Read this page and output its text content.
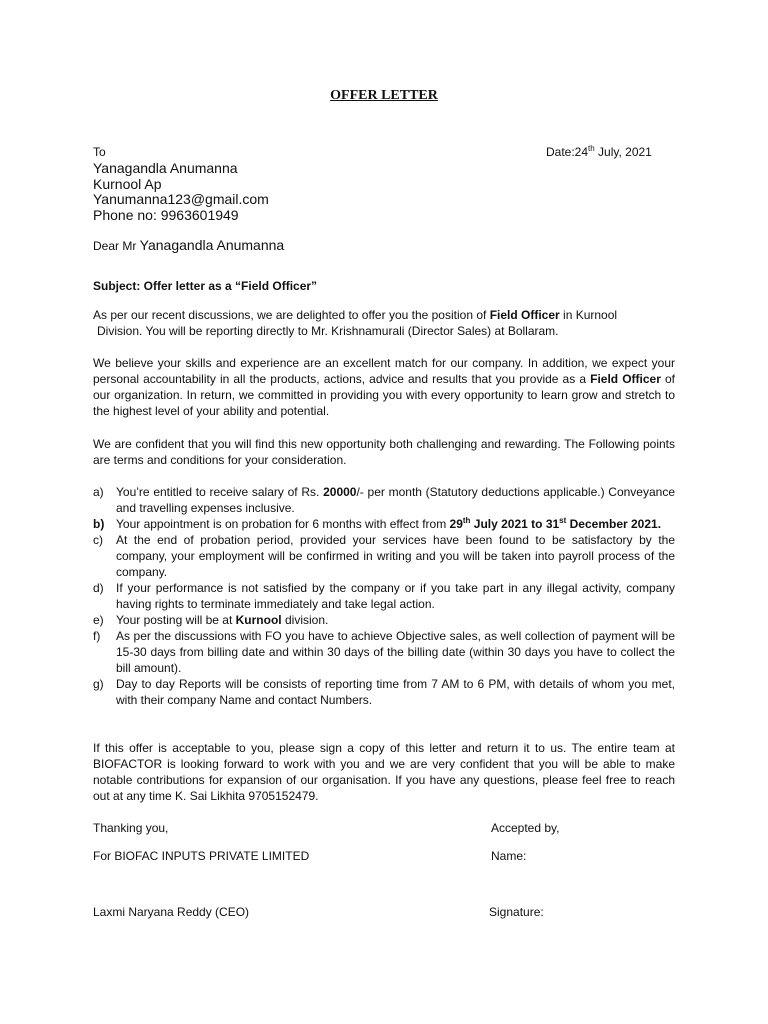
OFFER LETTER
To	Date:24th July, 2021
Yanagandla Anumanna
Kurnool Ap
Yanumanna123@gmail.com
Phone no: 9963601949
Dear Mr Yanagandla Anumanna
Subject: Offer letter as a “Field Officer”

As per our recent discussions, we are delighted to offer you the position of Field Officer in Kurnool
Division. You will be reporting directly to Mr. Krishnamurali (Director Sales) at Bollaram.

We believe your skills and experience are an excellent match for our company. In addition, we expect your personal accountability in all the products, actions, advice and results that you provide as a Field Officer of our organization. In return, we committed in providing you with every opportunity to learn grow and stretch to the highest level of your ability and potential.

We are confident that you will find this new opportunity both challenging and rewarding. The Following points are terms and conditions for your consideration.

a) You’re entitled to receive salary of Rs. 20000/- per month (Statutory deductions applicable.) Conveyance and travelling expenses inclusive.
b) Your appointment is on probation for 6 months with effect from 29th July 2021 to 31st December 2021.
c) At the end of probation period, provided your services have been found to be satisfactory by the company, your employment will be confirmed in writing and you will be taken into payroll process of the company.
d) If your performance is not satisfied by the company or if you take part in any illegal activity, company having rights to terminate immediately and take legal action.
e) Your posting will be at Kurnool division.
f) As per the discussions with FO you have to achieve Objective sales, as well collection of payment will be 15-30 days from billing date and within 30 days of the billing date (within 30 days you have to collect the bill amount).
g) Day to day Reports will be consists of reporting time from 7 AM to 6 PM, with details of whom you met, with their company Name and contact Numbers.

If this offer is acceptable to you, please sign a copy of this letter and return it to us. The entire team at BIOFACTOR is looking forward to work with you and we are very confident that you will be able to make notable contributions for expansion of our organisation. If you have any questions, please feel free to reach out at any time K. Sai Likhita 9705152479.

Thanking you,	Accepted by,
For BIOFAC INPUTS PRIVATE LIMITED	Name:
Laxmi Naryana Reddy (CEO)	Signature:
